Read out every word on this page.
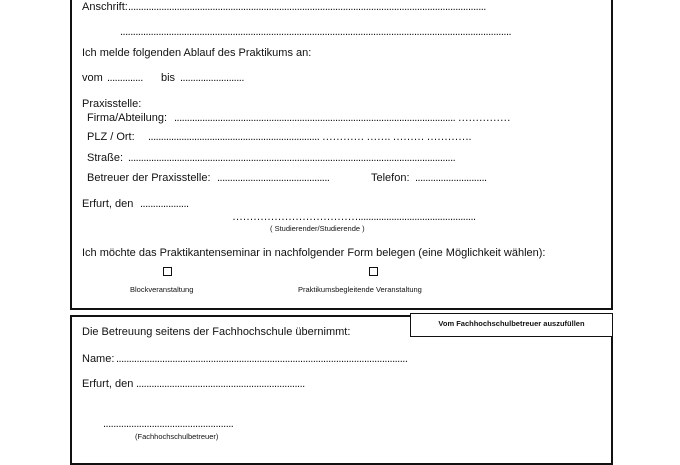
Vom Fachhochschulbetreuer auszufüllen
Anschrift: ............................................................................................................................................
.........................................................................................................................................................
Ich melde folgenden Ablauf des Praktikums an:
vom .............. bis .........................
Praxisstelle:
Firma/Abteilung: .............................................................................................................. ……………
PLZ / Ort: ................................................................... ………… ……. ……… ………….
Straße: ................................................................................................................................
Betreuer der Praxisstelle: ............................................	Telefon: ............................
Erfurt, den ...................
………………………………..............................................
( Studierender/Studierende )
Ich möchte das Praktikantenseminar in nachfolgender Form belegen (eine Möglichkeit wählen):
Blockveranstaltung	Praktikumsbegleitende Veranstaltung
Die Betreuung seitens der Fachhochschule übernimmt:
Name: ..................................................................................................................
Erfurt, den ..................................................................
...................................................
(Fachhochschulbetreuer)
